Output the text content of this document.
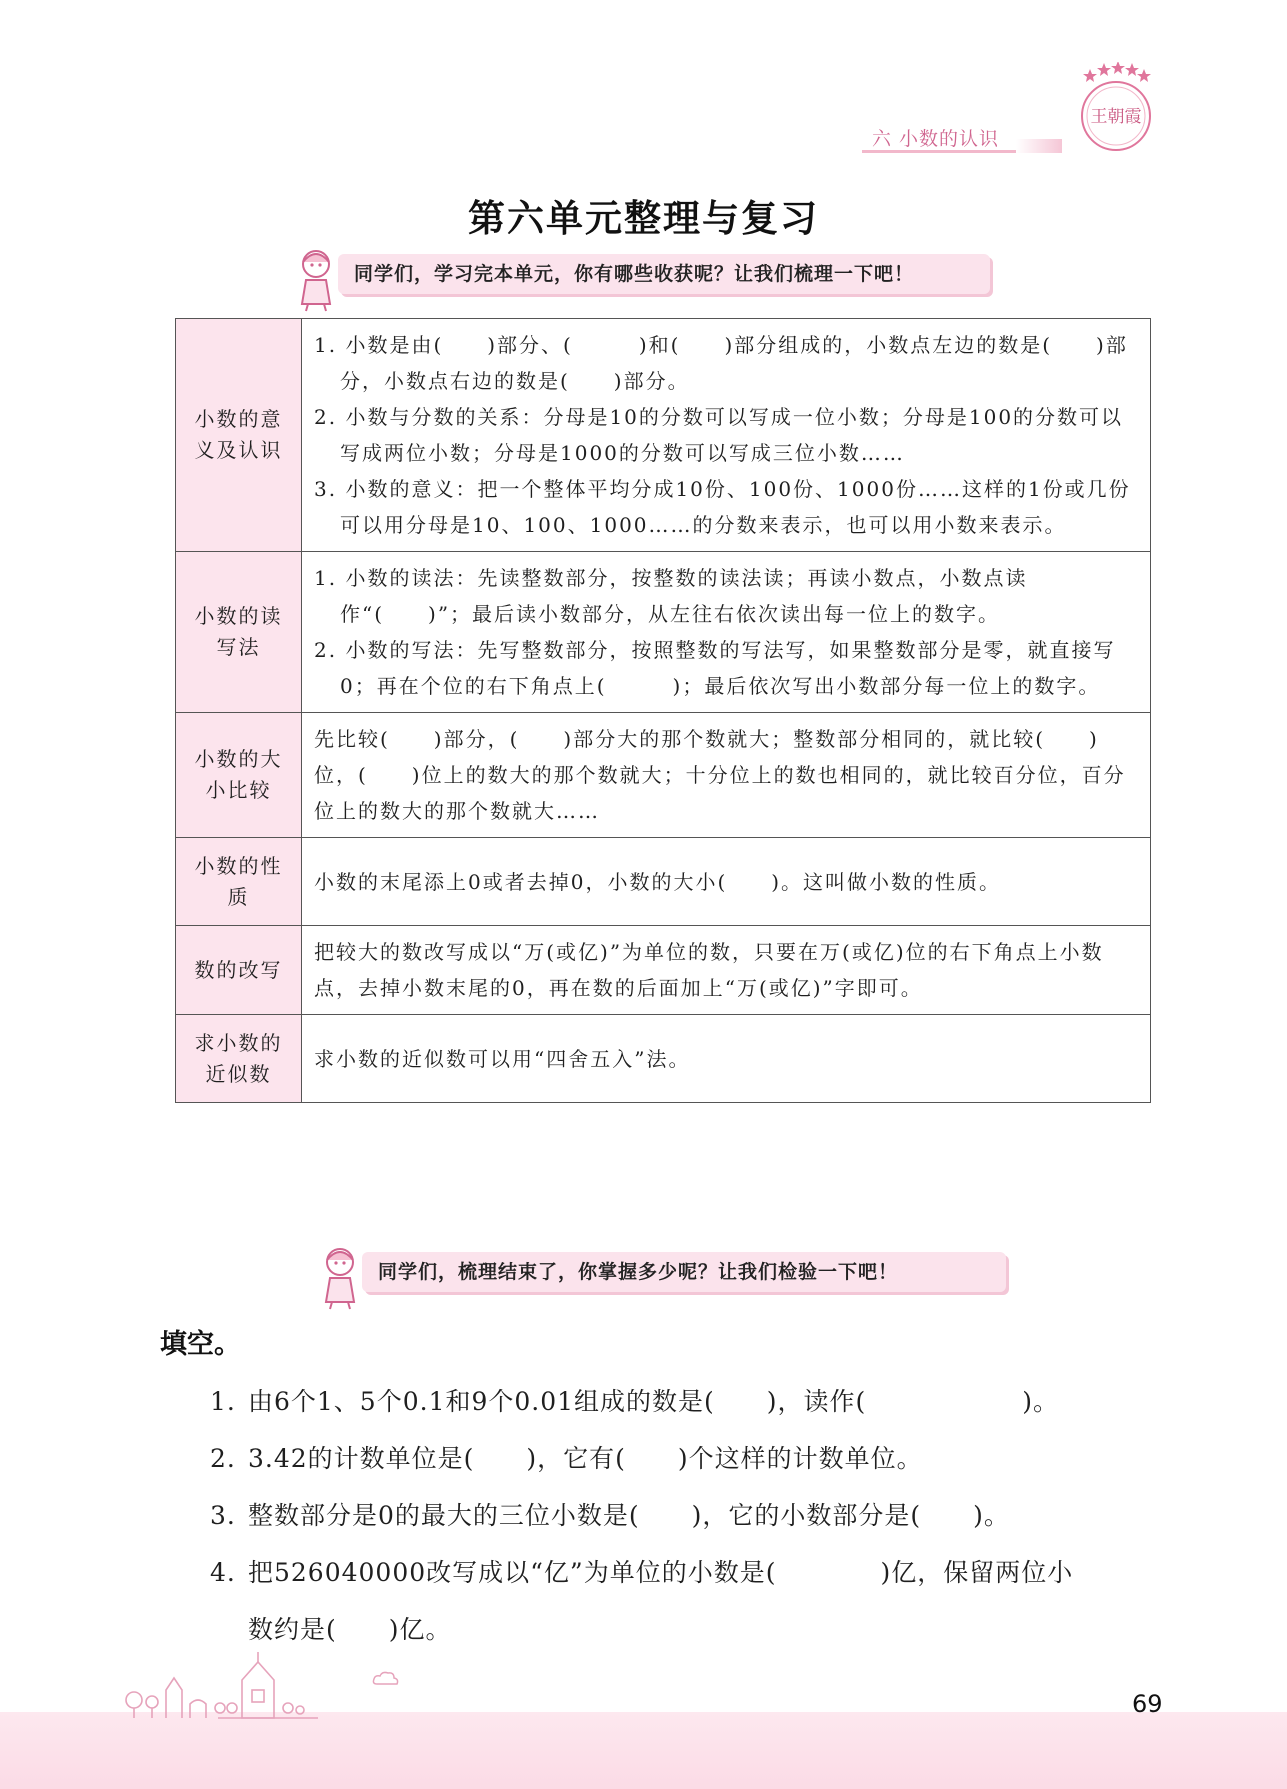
六 小数的认识
王朝霞
第六单元整理与复习
同学们，学习完本单元，你有哪些收获呢？让我们梳理一下吧！
小数的意义及认识	1. 小数是由(　　)部分、(　　　)和(　　)部分组成的，小数点左边的数是(　　)部分，小数点右边的数是(　　)部分。
2. 小数与分数的关系：分母是10的分数可以写成一位小数；分母是100的分数可以写成两位小数；分母是1000的分数可以写成三位小数……
3. 小数的意义：把一个整体平均分成10份、100份、1000份……这样的1份或几份可以用分母是10、100、1000……的分数来表示，也可以用小数来表示。

小数的读写法	1. 小数的读法：先读整数部分，按整数的读法读；再读小数点，小数点读作“(　　)”；最后读小数部分，从左往右依次读出每一位上的数字。
2. 小数的写法：先写整数部分，按照整数的写法写，如果整数部分是零，就直接写0；再在个位的右下角点上(　　　)；最后依次写出小数部分每一位上的数字。

小数的大小比较	先比较(　　)部分，(　　)部分大的那个数就大；整数部分相同的，就比较(　　)位，(　　)位上的数大的那个数就大；十分位上的数也相同的，就比较百分位，百分位上的数大的那个数就大……
小数的性质	小数的末尾添上0或者去掉0，小数的大小(　　)。这叫做小数的性质。
数的改写	把较大的数改写成以“万(或亿)”为单位的数，只要在万(或亿)位的右下角点上小数点，去掉小数末尾的0，再在数的后面加上“万(或亿)”字即可。
求小数的近似数	求小数的近似数可以用“四舍五入”法。
同学们，梳理结束了，你掌握多少呢？让我们检验一下吧！
填空。
1. 由6个1、5个0.1和9个0.01组成的数是(　　)，读作(　　　　　　)。
2. 3.42的计数单位是(　　)，它有(　　)个这样的计数单位。
3. 整数部分是0的最大的三位小数是(　　)，它的小数部分是(　　)。
4. 把526040000改写成以“亿”为单位的小数是(　　　　)亿，保留两位小
数约是(　　)亿。
69
